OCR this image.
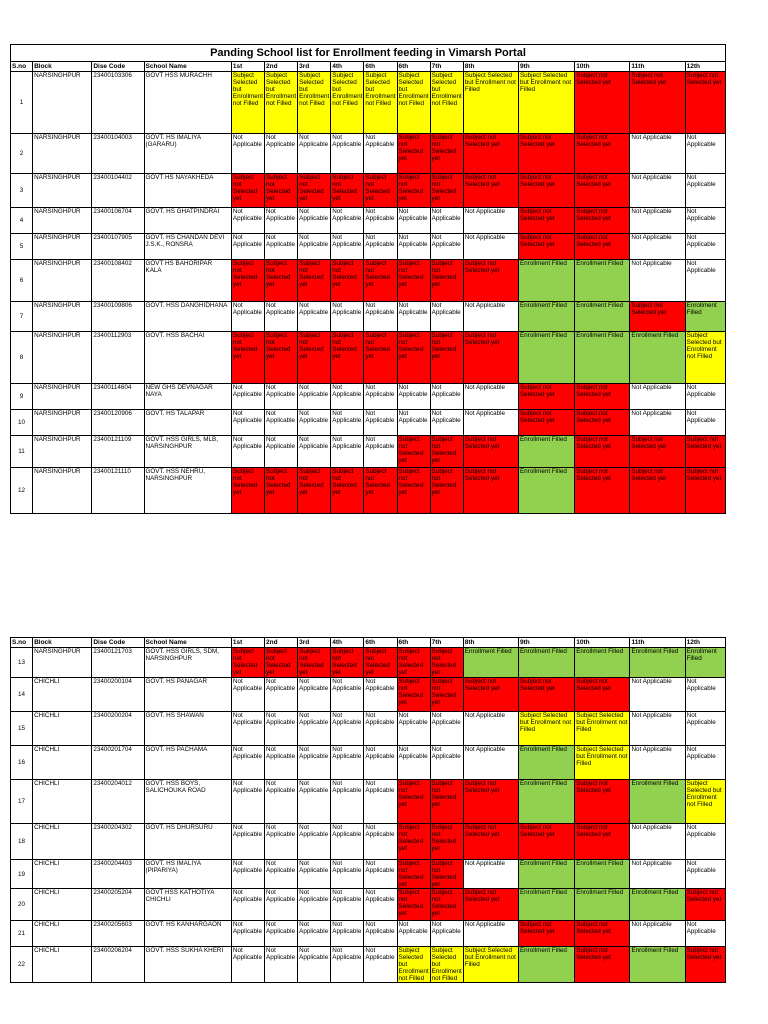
Panding School list for Enrollment feeding in Vimarsh Portal															
S.no	Block	Dise Code	School Name	1st	2nd	3rd	4th	6th	6th	7th	8th	9th	10th	11th	12th
1	NARSINGHPUR	23400103306	GOVT HSS MURACHH	Subject Selected but Enrollment not Filled	Subject Selected but Enrollment not Filled	Subject Selected but Enrollment not Filled	Subject Selected but Enrollment not Filled	Subject Selected but Enrollment not Filled	Subject Selected but Enrollment not Filled	Subject Selected but Enrollment not Filled	Subject Selected but Enrollment not Filled	Subject Selected but Enrollment not Filled	Subject not Selected yet	Subject not Selected yet	Subject not Selected yet
2	NARSINGHPUR	23400104003	GOVT. HS IMALIYA (GARARU)	Not Applicable	Not Applicable	Not Applicable	Not Applicable	Not Applicable	Subject not Selected yet	Subject not Selected yet	Subject not Selected yet	Subject not Selected yet	Subject not Selected yet	Not Applicable	Not Applicable
3	NARSINGHPUR	23400104402	GOVT HS NAYAKHEDA	Subject not Selected yet	Subject not Selected yet	Subject not Selected yet	Subject not Selected yet	Subject not Selected yet	Subject not Selected yet	Subject not Selected yet	Subject not Selected yet	Subject not Selected yet	Subject not Selected yet	Not Applicable	Not Applicable
4	NARSINGHPUR	23400106704	GOVT. HS GHATPINDRAI	Not Applicable	Not Applicable	Not Applicable	Not Applicable	Not Applicable	Not Applicable	Not Applicable	Not Applicable	Subject not Selected yet	Subject not Selected yet	Not Applicable	Not Applicable
5	NARSINGHPUR	23400107905	GOVT. HS CHANDAN DEVI J.S.K., RONSRA	Not Applicable	Not Applicable	Not Applicable	Not Applicable	Not Applicable	Not Applicable	Not Applicable	Not Applicable	Subject not Selected yet	Subject not Selected yet	Not Applicable	Not Applicable
6	NARSINGHPUR	23400108402	GOVT HS BAHORIPAR KALA	Subject not Selected yet	Subject not Selected yet	Subject not Selected yet	Subject not Selected yet	Subject not Selected yet	Subject not Selected yet	Subject not Selected yet	Subject not Selected yet	Enrollment Filled	Enrollment Filled	Not Applicable	Not Applicable
7	NARSINGHPUR	23400109806	GOVT. HSS DANGHIDHANA	Not Applicable	Not Applicable	Not Applicable	Not Applicable	Not Applicable	Not Applicable	Not Applicable	Not Applicable	Enrollment Filled	Enrollment Filled	Subject not Selected yet	Enrollment Filled
8	NARSINGHPUR	23400112903	GOVT. HSS BACHAI	Subject not Selected yet	Subject not Selected yet	Subject not Selected yet	Subject not Selected yet	Subject not Selected yet	Subject not Selected yet	Subject not Selected yet	Subject not Selected yet	Enrollment Filled	Enrollment Filled	Enrollment Filled	Subject Selected but Enrollment not Filled
9	NARSINGHPUR	23400114604	NEW GHS DEVNAGAR NAYA	Not Applicable	Not Applicable	Not Applicable	Not Applicable	Not Applicable	Not Applicable	Not Applicable	Not Applicable	Subject not Selected yet	Subject not Selected yet	Not Applicable	Not Applicable
10	NARSINGHPUR	23400120906	GOVT. HS TALAPAR	Not Applicable	Not Applicable	Not Applicable	Not Applicable	Not Applicable	Not Applicable	Not Applicable	Not Applicable	Subject not Selected yet	Subject not Selected yet	Not Applicable	Not Applicable
11	NARSINGHPUR	23400121109	GOVT. HSS GIRLS, MLB, NARSINGHPUR	Not Applicable	Not Applicable	Not Applicable	Not Applicable	Not Applicable	Subject not Selected yet	Subject not Selected yet	Subject not Selected yet	Enrollment Filled	Subject not Selected yet	Subject not Selected yet	Subject not Selected yet
12	NARSINGHPUR	23400121110	GOVT. HSS NEHRU, NARSINGHPUR	Subject not Selected yet	Subject not Selected yet	Subject not Selected yet	Subject not Selected yet	Subject not Selected yet	Subject not Selected yet	Subject not Selected yet	Subject not Selected yet	Enrollment Filled	Subject not Selected yet	Subject not Selected yet	Subject not Selected yet
S.no	Block	Dise Code	School Name	1st	2nd	3rd	4th	6th	6th	7th	8th	9th	10th	11th	12th
13	NARSINGHPUR	23400121703	GOVT. HSS GIRLS, SDM, NARSINGHPUR	Subject not Selected yet	Subject not Selected yet	Subject not Selected yet	Subject not Selected yet	Subject not Selected yet	Subject not Selected yet	Subject not Selected yet	Enrollment Filled	Enrollment Filled	Enrollment Filled	Enrollment Filled	Enrollment Filled
14	CHICHLI	23400200104	GOVT. HS PANAGAR	Not Applicable	Not Applicable	Not Applicable	Not Applicable	Not Applicable	Subject not Selected yet	Subject not Selected yet	Subject not Selected yet	Subject not Selected yet	Subject not Selected yet	Not Applicable	Not Applicable
15	CHICHLI	23400200204	GOVT. HS SHAWAN	Not Applicable	Not Applicable	Not Applicable	Not Applicable	Not Applicable	Not Applicable	Not Applicable	Not Applicable	Subject Selected but Enrollment not Filled	Subject Selected but Enrollment not Filled	Not Applicable	Not Applicable
16	CHICHLI	23400201704	GOVT. HS PACHAMA	Not Applicable	Not Applicable	Not Applicable	Not Applicable	Not Applicable	Not Applicable	Not Applicable	Not Applicable	Enrollment Filled	Subject Selected but Enrollment not Filled	Not Applicable	Not Applicable
17	CHICHLI	23400204012	GOVT. HSS BOYS, SALICHOUKA ROAD	Not Applicable	Not Applicable	Not Applicable	Not Applicable	Not Applicable	Subject not Selected yet	Subject not Selected yet	Subject not Selected yet	Enrollment Filled	Subject not Selected yet	Enrollment Filled	Subject Selected but Enrollment not Filled
18	CHICHLI	23400204302	GOVT. HS DHURSURU	Not Applicable	Not Applicable	Not Applicable	Not Applicable	Not Applicable	Subject not Selected yet	Subject not Selected yet	Subject not Selected yet	Subject not Selected yet	Subject not Selected yet	Not Applicable	Not Applicable
19	CHICHLI	23400204403	GOVT. HS IMALIYA (PIPARIYA)	Not Applicable	Not Applicable	Not Applicable	Not Applicable	Not Applicable	Subject not Selected yet	Subject not Selected yet	Not Applicable	Enrollment Filled	Enrollment Filled	Not Applicable	Not Applicable
20	CHICHLI	23400205204	GOVT HSS KATHOTIYA CHICHLI	Not Applicable	Not Applicable	Not Applicable	Not Applicable	Not Applicable	Subject not Selected yet	Subject not Selected yet	Subject not Selected yet	Enrollment Filled	Enrollment Filled	Enrollment Filled	Subject not Selected yet
21	CHICHLI	23400205603	GOVT. HS KANHARGAON	Not Applicable	Not Applicable	Not Applicable	Not Applicable	Not Applicable	Not Applicable	Not Applicable	Not Applicable	Subject not Selected yet	Subject not Selected yet	Not Applicable	Not Applicable
22	CHICHLI	23400206204	GOVT. HSS SUKHA KHERI	Not Applicable	Not Applicable	Not Applicable	Not Applicable	Not Applicable	Subject Selected but Enrollment not Filled	Subject Selected but Enrollment not Filled	Subject Selected but Enrollment not Filled	Enrollment Filled	Subject not Selected yet	Enrollment Filled	Subject not Selected yet
